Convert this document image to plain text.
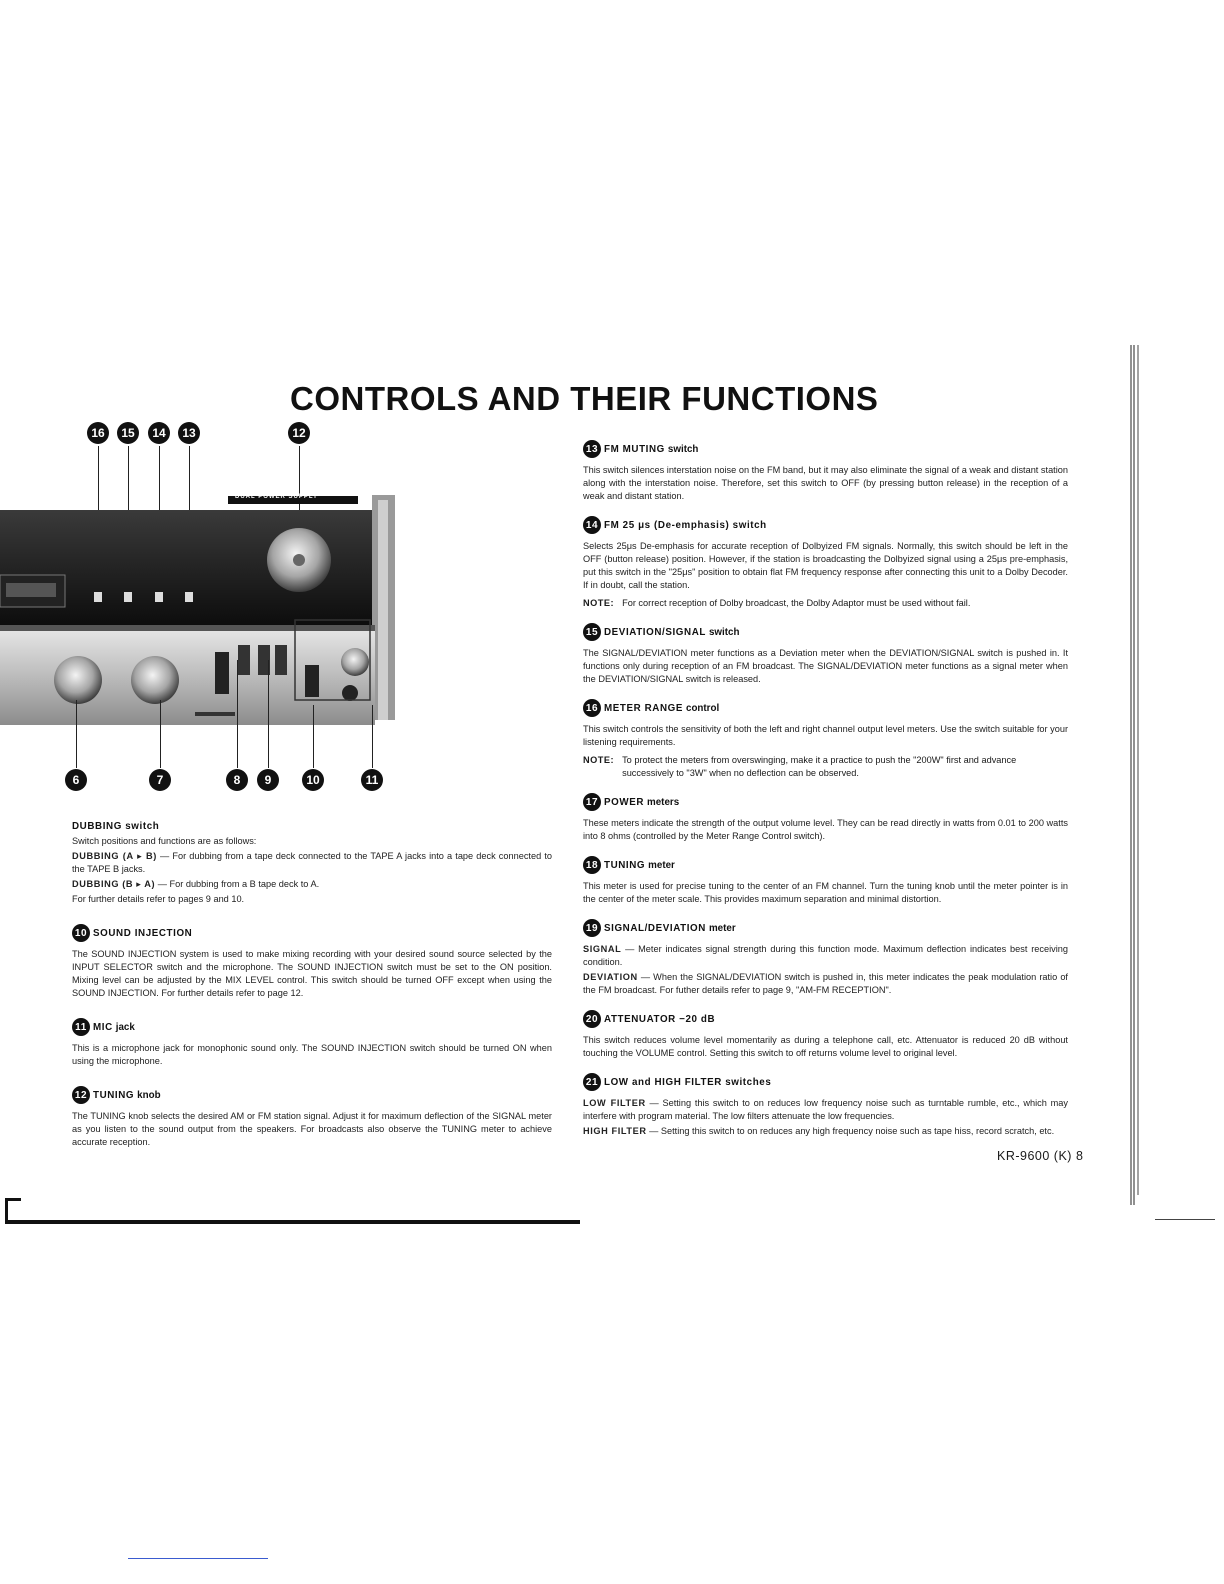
CONTROLS AND THEIR FUNCTIONS
16	15	14	13	12
DUAL POWER SUPPLY
6	7	8	9	10	11
DUBBING switch
Switch positions and functions are as follows:
DUBBING (A ▸ B) — For dubbing from a tape deck connected to the TAPE A jacks into a tape deck connected to the TAPE B jacks.
DUBBING (B ▸ A) — For dubbing from a B tape deck to A.
For further details refer to pages 9 and 10.
10 SOUND INJECTION
The SOUND INJECTION system is used to make mixing recording with your desired sound source selected by the INPUT SELECTOR switch and the microphone. The SOUND INJECTION switch must be set to the ON position. Mixing level can be adjusted by the MIX LEVEL control. This switch should be turned OFF except when using the SOUND INJECTION. For further details refer to page 12.
11 MIC jack
This is a microphone jack for monophonic sound only. The SOUND INJECTION switch should be turned ON when using the microphone.
12 TUNING knob
The TUNING knob selects the desired AM or FM station signal. Adjust it for maximum deflection of the SIGNAL meter as you listen to the sound output from the speakers. For broadcasts also observe the TUNING meter to achieve accurate reception.
13 FM MUTING switch
This switch silences interstation noise on the FM band, but it may also eliminate the signal of a weak and distant station along with the interstation noise. Therefore, set this switch to OFF (by pressing button release) in the reception of a weak and distant station.
14 FM 25 μs (De-emphasis) switch
Selects 25μs De-emphasis for accurate reception of Dolbyized FM signals. Normally, this switch should be left in the OFF (button release) position. However, if the station is broadcasting the Dolbyized signal using a 25μs pre-emphasis, put this switch in the "25μs" position to obtain flat FM frequency response after connecting this unit to a Dolby Decoder. If in doubt, call the station.
NOTE: For correct reception of Dolby broadcast, the Dolby Adaptor must be used without fail.
15 DEVIATION/SIGNAL switch
The SIGNAL/DEVIATION meter functions as a Deviation meter when the DEVIATION/SIGNAL switch is pushed in. It functions only during reception of an FM broadcast. The SIGNAL/DEVIATION meter functions as a signal meter when the DEVIATION/SIGNAL switch is released.
16 METER RANGE control
This switch controls the sensitivity of both the left and right channel output level meters. Use the switch suitable for your listening requirements.
NOTE: To protect the meters from overswinging, make it a practice to push the "200W" first and advance successively to "3W" when no deflection can be observed.
17 POWER meters
These meters indicate the strength of the output volume level. They can be read directly in watts from 0.01 to 200 watts into 8 ohms (controlled by the Meter Range Control switch).
18 TUNING meter
This meter is used for precise tuning to the center of an FM channel. Turn the tuning knob until the meter pointer is in the center of the meter scale. This provides maximum separation and minimal distortion.
19 SIGNAL/DEVIATION meter
SIGNAL — Meter indicates signal strength during this function mode. Maximum deflection indicates best receiving condition.
DEVIATION — When the SIGNAL/DEVIATION switch is pushed in, this meter indicates the peak modulation ratio of the FM broadcast. For futher details refer to page 9, "AM-FM RECEPTION".
20 ATTENUATOR −20 dB
This switch reduces volume level momentarily as during a telephone call, etc. Attenuator is reduced 20 dB without touching the VOLUME control. Setting this switch to off returns volume level to original level.
21 LOW and HIGH FILTER switches
LOW FILTER — Setting this switch to on reduces low frequency noise such as turntable rumble, etc., which may interfere with program material. The low filters attenuate the low frequencies.
HIGH FILTER — Setting this switch to on reduces any high frequency noise such as tape hiss, record scratch, etc.
KR-9600 (K) 8
